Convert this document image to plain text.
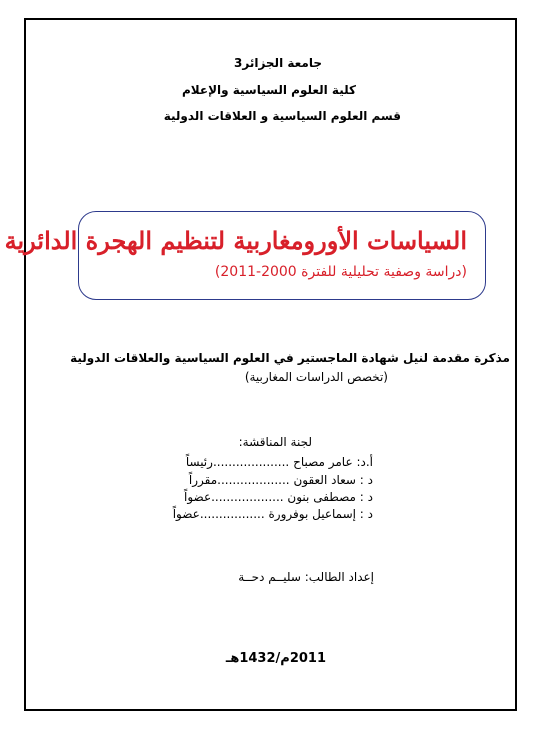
جامعة الجزائر3
كلية العلوم السياسية والإعلام
قسم العلوم السياسية و العلاقات الدولية
السياسات الأورومغاربية لتنظيم الهجرة الدائرية
(دراسة وصفية تحليلية للفترة 2000-2011)
مذكرة مقدمة لنيل شهادة الماجستير في العلوم السياسية والعلاقات الدولية
(تخصص الدراسات المغاربية)
لجنة المناقشة:
أ.د: عامر مصباح ....................رئيساً
د : سعاد العقون ...................مقرراً
د : مصطفى بنون ...................عضواً
د : إسماعيل بوفرورة .................عضواً
إعداد الطالب: سليــم دحــة
2011م/1432هـ
